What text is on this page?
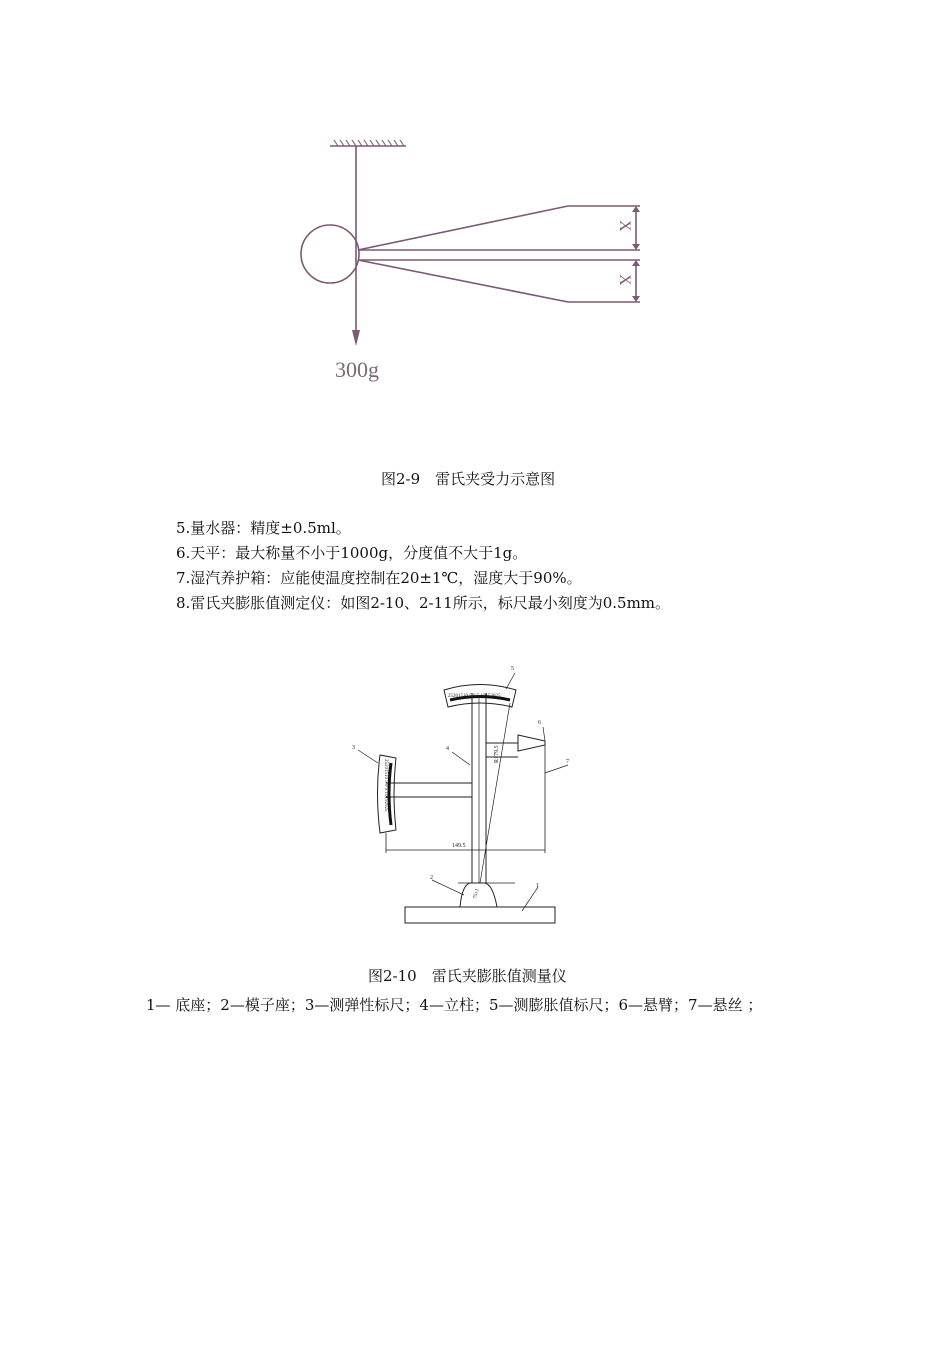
300g
X
X
图2-9　雷氏夹受力示意图
5.量水器：精度±0.5ml。
6.天平：最大称量不小于1000g，分度值不大于1g。
7.湿汽养护箱：应能使温度控制在20±1℃，湿度大于90%。
8.雷氏夹膨胀值测定仪：如图2-10、2-11所示，标尺最小刻度为0.5mm。
25201510 5 0 5 10152025
25201510 5 0 5 10152025
149.5
R179.5
75±1
1
2
3	4
5
6
7
图2-10　雷氏夹膨胀值测量仪
1— 底座；2—模子座；3—测弹性标尺；4—立柱；5—测膨胀值标尺；6—悬臂；7—悬丝 ；
